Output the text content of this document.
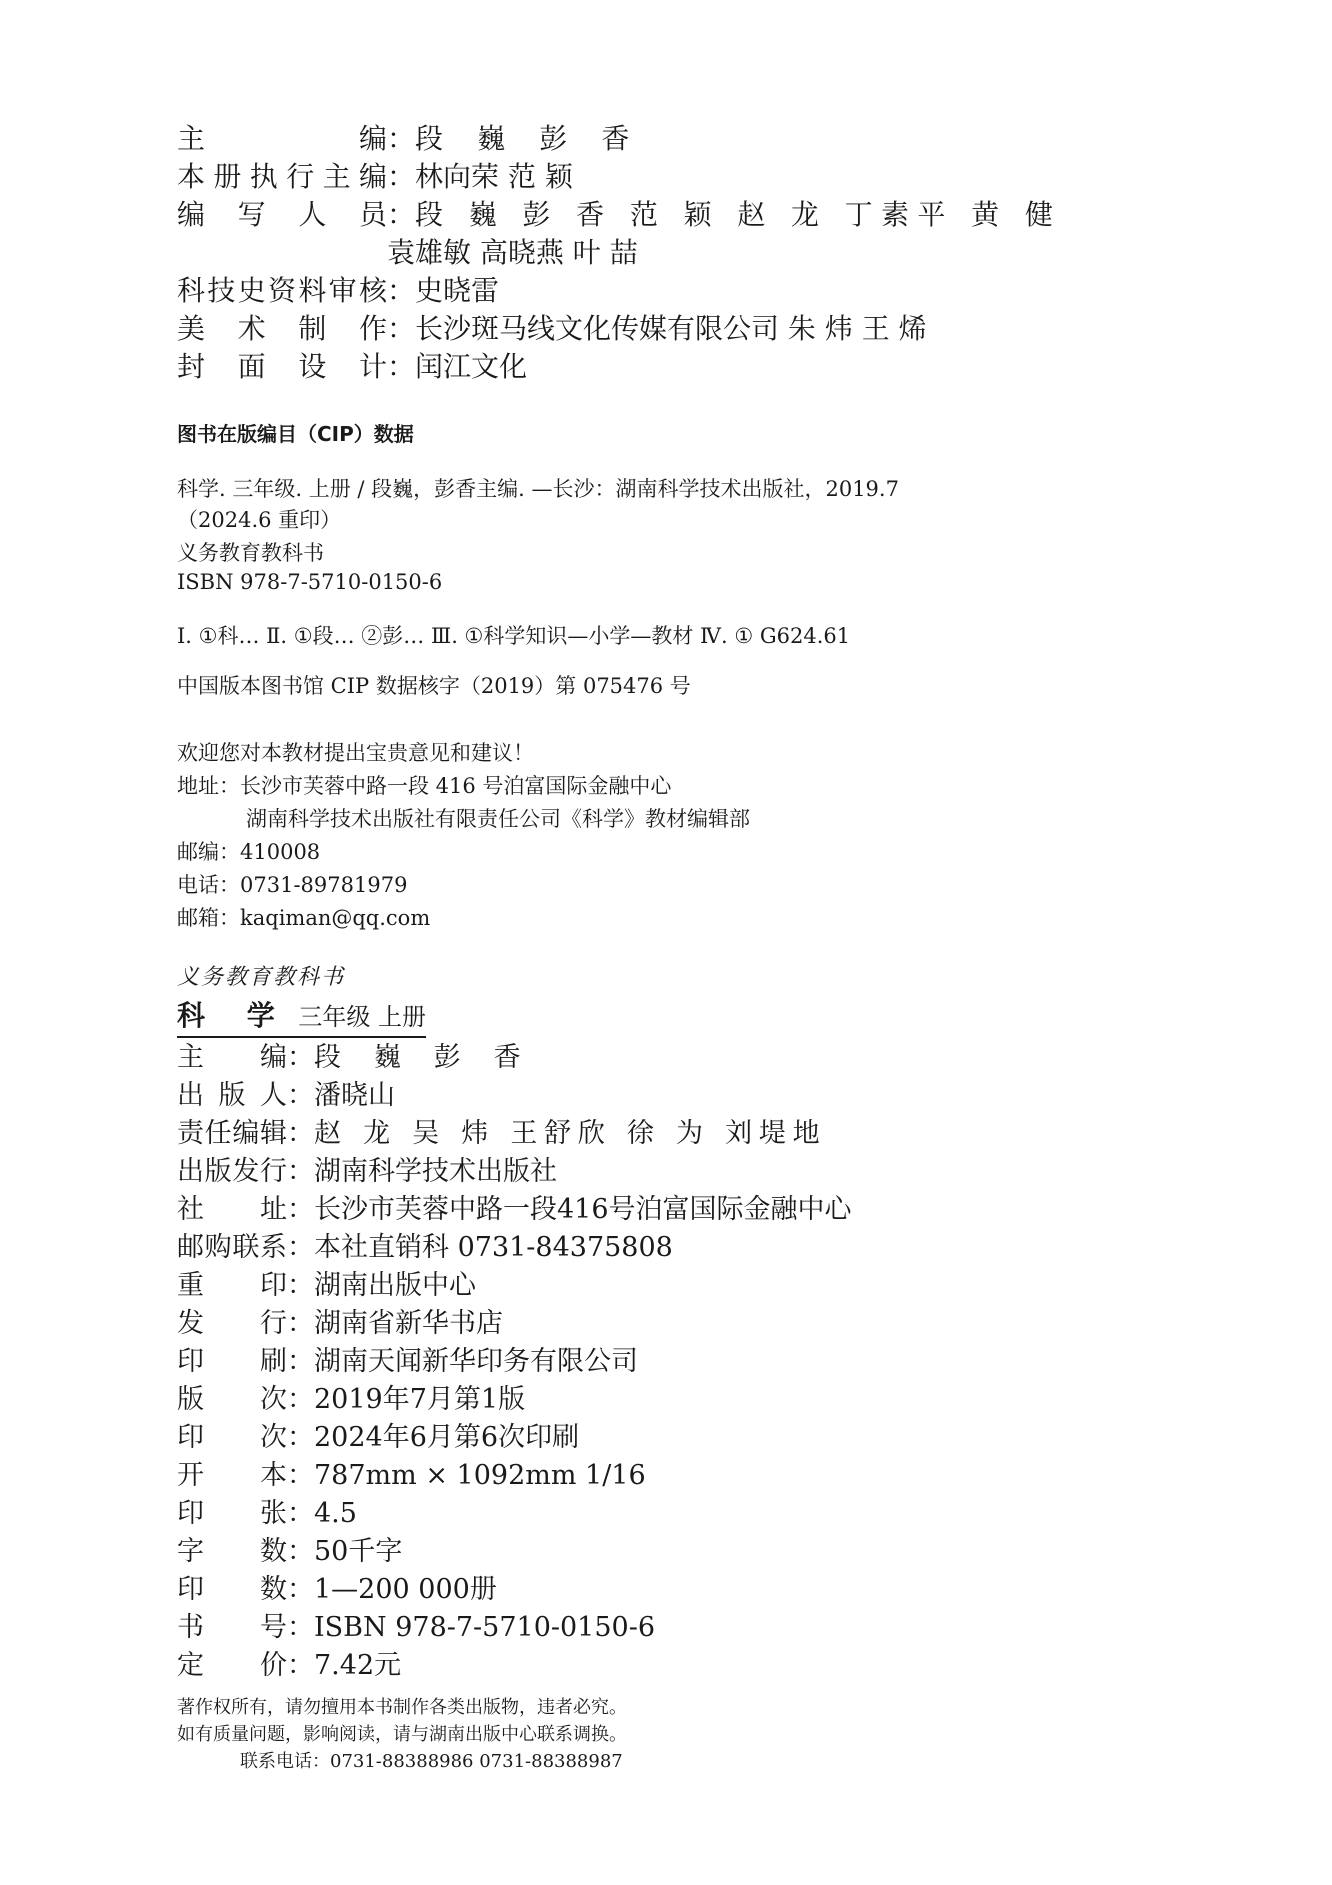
主编：段 巍 彭 香
本册执行主编：林向荣 范 颖
编写人员：段 巍 彭 香 范 颖 赵 龙 丁素平 黄 健
袁雄敏 高晓燕 叶 喆
科技史资料审核：史晓雷
美术制作：长沙斑马线文化传媒有限公司 朱 炜 王 烯
封面设计：闰江文化
图书在版编目（CIP）数据
科学. 三年级. 上册 / 段巍，彭香主编. —长沙：湖南科学技术出版社，2019.7
（2024.6 重印）
义务教育教科书
ISBN 978-7-5710-0150-6
Ⅰ. ①科… Ⅱ. ①段… ②彭… Ⅲ. ①科学知识—小学—教材 Ⅳ. ① G624.61
中国版本图书馆 CIP 数据核字（2019）第 075476 号
欢迎您对本教材提出宝贵意见和建议！
地址：长沙市芙蓉中路一段 416 号泊富国际金融中心
湖南科学技术出版社有限责任公司《科学》教材编辑部
邮编：410008
电话：0731-89781979
邮箱：kaqiman@qq.com
义务教育教科书
科 学 三年级 上册
主编：段 巍 彭 香
出版人：潘晓山
责任编辑：赵 龙 吴 炜 王舒欣 徐 为 刘堤地
出版发行：湖南科学技术出版社
社址：长沙市芙蓉中路一段416号泊富国际金融中心
邮购联系：本社直销科 0731-84375808
重印：湖南出版中心
发行：湖南省新华书店
印刷：湖南天闻新华印务有限公司
版次：2019年7月第1版
印次：2024年6月第6次印刷
开本：787mm × 1092mm 1/16
印张：4.5
字数：50千字
印数：1—200 000册
书号：ISBN 978-7-5710-0150-6
定价：7.42元
著作权所有，请勿擅用本书制作各类出版物，违者必究。
如有质量问题，影响阅读，请与湖南出版中心联系调换。
联系电话：0731-88388986 0731-88388987
